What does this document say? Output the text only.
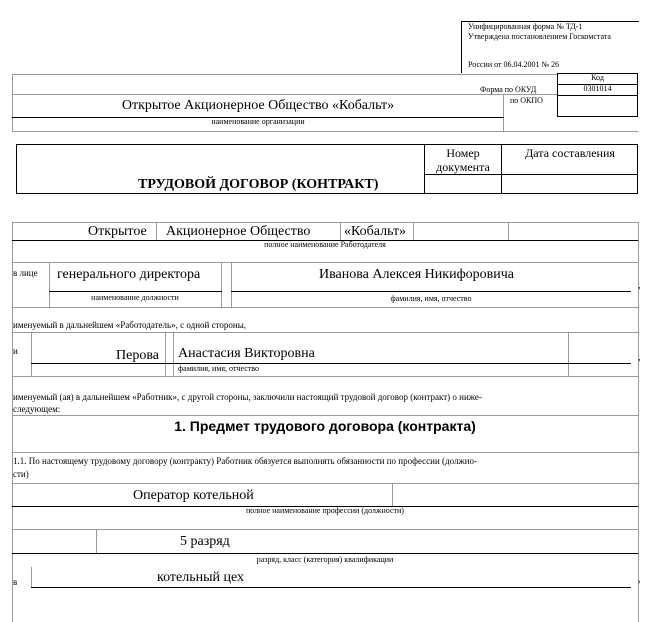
Унифицированная форма № ТД-1
Утверждена постановлением Госкомстата
России от 06.04.2001 № 26
Код
Форма по ОКУД	0301014
по ОКПО
Открытое Акционерное Общество «Кобальт»
наименование организации
Номер документа
Дата составления
ТРУДОВОЙ ДОГОВОР (КОНТРАКТ)
Открытое Акционерное Общество «Кобальт»
полное наименование Работодателя
в лице генерального директора	Иванова Алексея Никифоровича
,
наименование должности	фамилия, имя, отчество
именуемый в дальнейшем «Работодатель», с одной стороны,
и	Перова Анастасия Викторовна	,
фамилия, имя, отчество
именуемый (ая) в дальнейшем «Работник», с другой стороны, заключили настоящий трудовой договор (контракт) о ниже-
следующем:
1. Предмет трудового договора (контракта)
1.1. По настоящему трудовому договору (контракту) Работник обязуется выполнять обязанности по профессии (должно-
сти)
Оператор котельной
полное наименование профессии (должности)
5 разряд
разряд, класс (категория) квалификации
в	котельный цех	,
